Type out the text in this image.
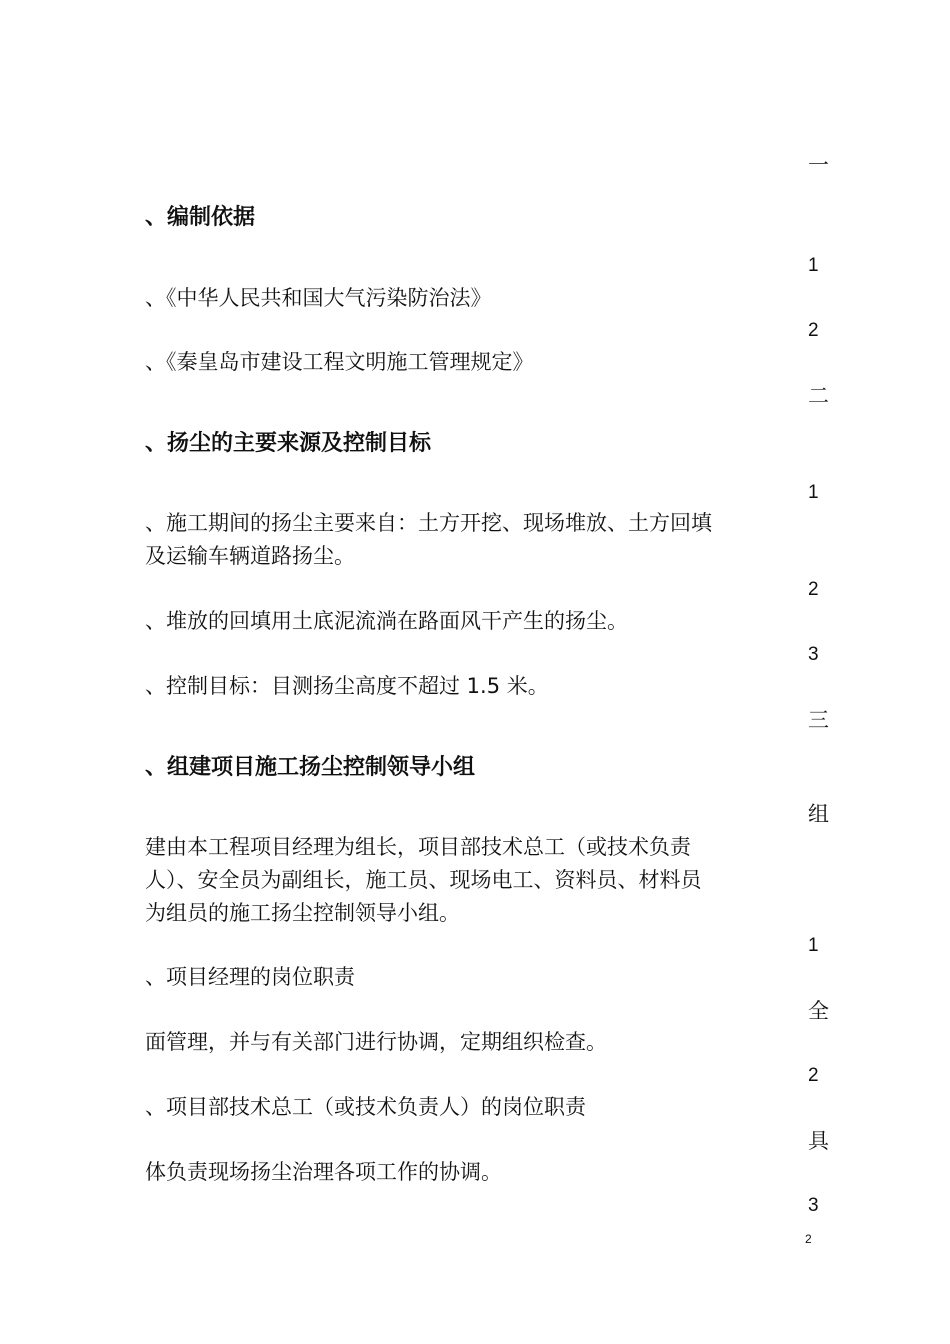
一
1
2
二
1
2
3
三
组
1
全
2
具
3
、编制依据
、《中华人民共和国大气污染防治法》
、《秦皇岛市建设工程文明施工管理规定》
、扬尘的主要来源及控制目标
、施工期间的扬尘主要来自：土方开挖、现场堆放、土方回填
及运输车辆道路扬尘。
、堆放的回填用土底泥流淌在路面风干产生的扬尘。
、控制目标：目测扬尘高度不超过 1.5 米。
、组建项目施工扬尘控制领导小组
建由本工程项目经理为组长，项目部技术总工（或技术负责
人）、安全员为副组长，施工员、现场电工、资料员、材料员
为组员的施工扬尘控制领导小组。
、项目经理的岗位职责
面管理，并与有关部门进行协调，定期组织检查。
、项目部技术总工（或技术负责人）的岗位职责
体负责现场扬尘治理各项工作的协调。
2
